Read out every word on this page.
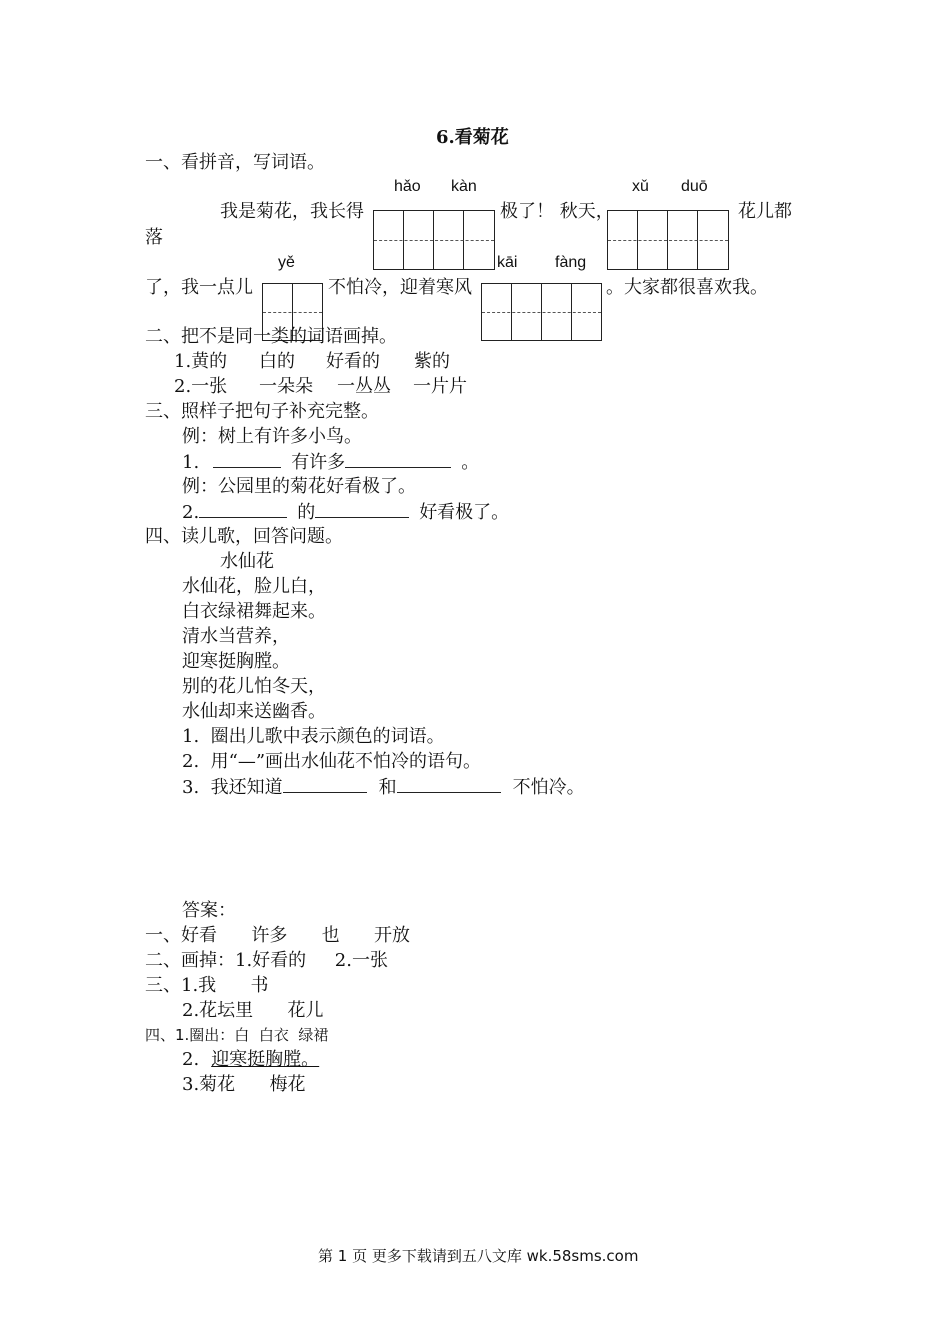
6.看菊花
一、看拼音，写词语。
hǎo kàn	xǔ duō
我是菊花，我长得	极了！ 秋天，	花儿都
落
yě	kāi fàng
了，我一点儿	不怕冷，迎着寒风	。大家都很喜欢我。
二、把不是同一类的词语画掉。
1.黄的 白的 好看的 紫的
2.一张 一朵朵 一丛丛 一片片
三、照样子把句子补充完整。
例：树上有许多小鸟。
1.	有许多	。
例：公园里的菊花好看极了。
2.	的	好看极了。
四、读儿歌，回答问题。
水仙花
水仙花，脸儿白，
白衣绿裙舞起来。
清水当营养，
迎寒挺胸膛。
别的花儿怕冬天，
水仙却来送幽香。
1.  圈出儿歌中表示颜色的词语。
2.  用“—”画出水仙花不怕冷的语句。
3.  我还知道	和	不怕冷。
答案：
一、好看      许多      也      开放
二、画掉：1.好看的     2.一张
三、1.我      书
2.花坛里      花儿
四、1.圈出：白  白衣  绿裙
2. 迎寒挺胸膛。
3.菊花      梅花
第 1 页 更多下载请到五八文库 wk.58sms.com
